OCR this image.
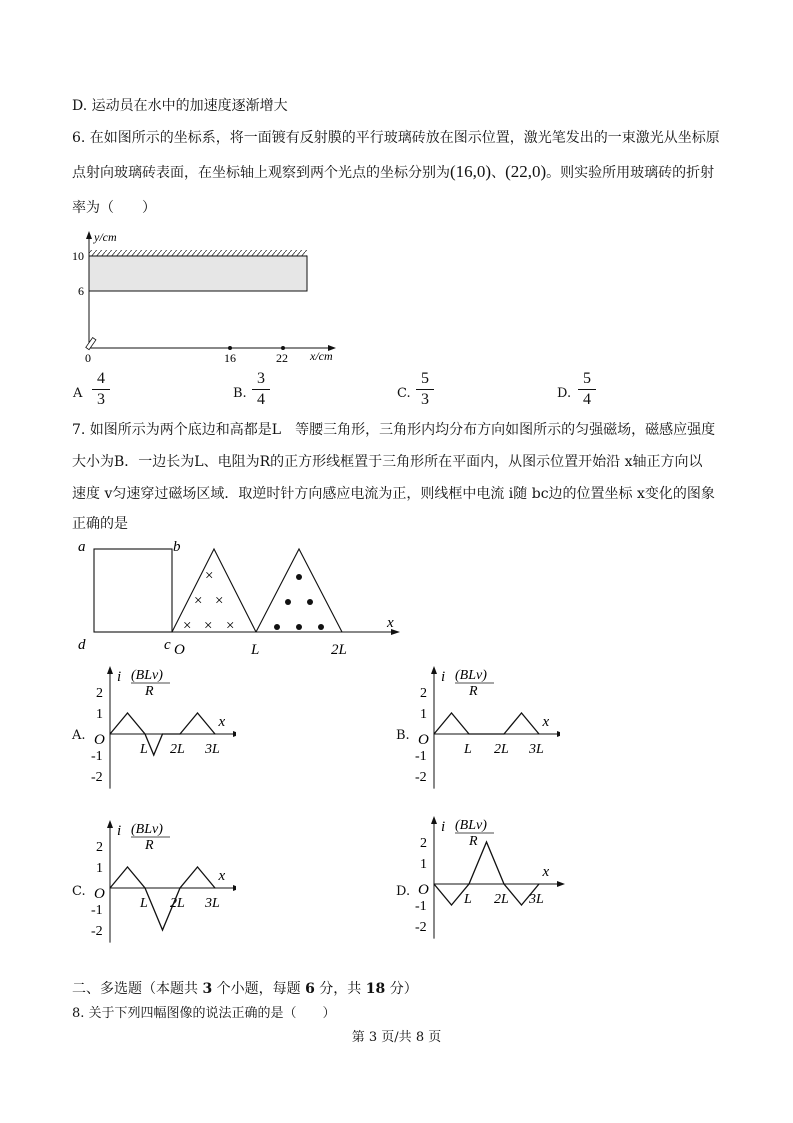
D. 运动员在水中的加速度逐渐增大
6. 在如图所示的坐标系，将一面镀有反射膜的平行玻璃砖放在图示位置，激光笔发出的一束激光从坐标原
点射向玻璃砖表面，在坐标轴上观察到两个光点的坐标分别为(16,0)、(22,0)。则实验所用玻璃砖的折射
率为（　　）
y/cm
10
6
0	16	22 x/cm
A
4
3	B.
3
4	C.
5
3	D.
5
4
7. 如图所示为两个底边和高都是L　等腰三角形，三角形内均分布方向如图所示的匀强磁场，磁感应强度
大小为B．一边长为L、电阻为R的正方形线框置于三角形所在平面内，从图示位置开始沿 x轴正方向以
速度 v匀速穿过磁场区域．取逆时针方向感应电流为正，则线框中电流 i随 bc边的位置坐标 x变化的图象
正确的是
×
× ×
× × ×
a	b
d	c O	L	2L
x
A.
2
1
-1
-2
L 2L 3L
O
i (BLv)
R
x
B.
2
1
-1
-2
L 2L 3L
O
i (BLv)
R
x
C.
2
1
-1
-2
L 2L 3L
O
i (BLv)
R
x
D.
2
1
-1
-2
L 2L 3L
O
i (BLv)
R
x
二、多选题（本题共 3 个小题，每题 6 分，共 18 分）
8. 关于下列四幅图像的说法正确的是（　　）
第 3 页/共 8 页
